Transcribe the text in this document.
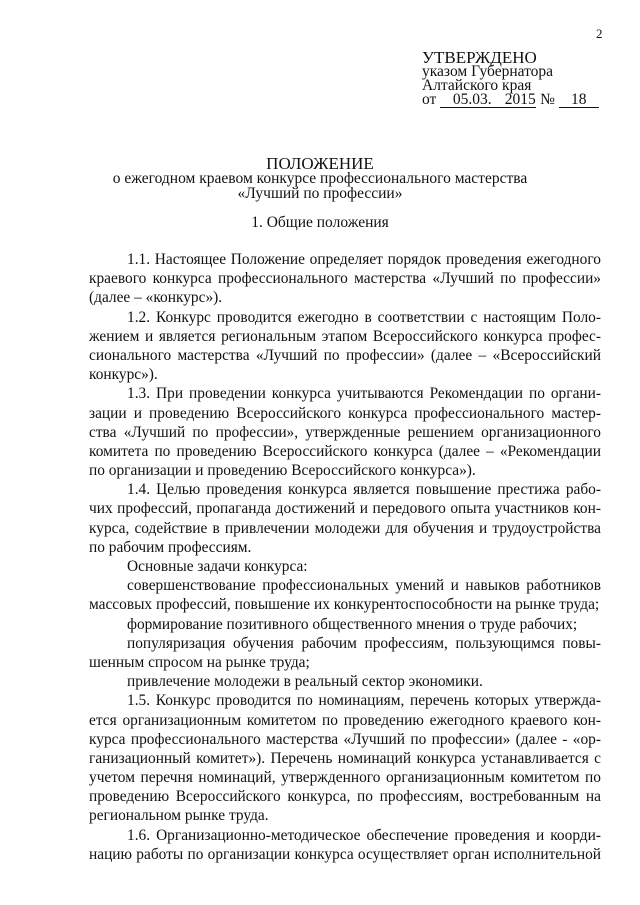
2
УТВЕРЖДЕНО
указом Губернатора
Алтайского края
от 05.03. 2015 № 18
ПОЛОЖЕНИЕ
о ежегодном краевом конкурсе профессионального мастерства
«Лучший по профессии»
1. Общие положения
1.1. Настоящее Положение определяет порядок проведения ежегодного
краевого конкурса профессионального мастерства «Лучший по профессии»
(далее – «конкурс»).
1.2. Конкурс проводится ежегодно в соответствии с настоящим Поло-
жением и является региональным этапом Всероссийского конкурса профес-
сионального мастерства «Лучший по профессии» (далее – «Всероссийский
конкурс»).
1.3. При проведении конкурса учитываются Рекомендации по органи-
зации и проведению Всероссийского конкурса профессионального мастер-
ства «Лучший по профессии», утвержденные решением организационного
комитета по проведению Всероссийского конкурса (далее – «Рекомендации
по организации и проведению Всероссийского конкурса»).
1.4. Целью проведения конкурса является повышение престижа рабо-
чих профессий, пропаганда достижений и передового опыта участников кон-
курса, содействие в привлечении молодежи для обучения и трудоустройства
по рабочим профессиям.
Основные задачи конкурса:
совершенствование профессиональных умений и навыков работников
массовых профессий, повышение их конкурентоспособности на рынке труда;
формирование позитивного общественного мнения о труде рабочих;
популяризация обучения рабочим профессиям, пользующимся повы-
шенным спросом на рынке труда;
привлечение молодежи в реальный сектор экономики.
1.5. Конкурс проводится по номинациям, перечень которых утвержда-
ется организационным комитетом по проведению ежегодного краевого кон-
курса профессионального мастерства «Лучший по профессии» (далее - «ор-
ганизационный комитет»). Перечень номинаций конкурса устанавливается с
учетом перечня номинаций, утвержденного организационным комитетом по
проведению Всероссийского конкурса, по профессиям, востребованным на
региональном рынке труда.
1.6. Организационно-методическое обеспечение проведения и коорди-
нацию работы по организации конкурса осуществляет орган исполнительной
